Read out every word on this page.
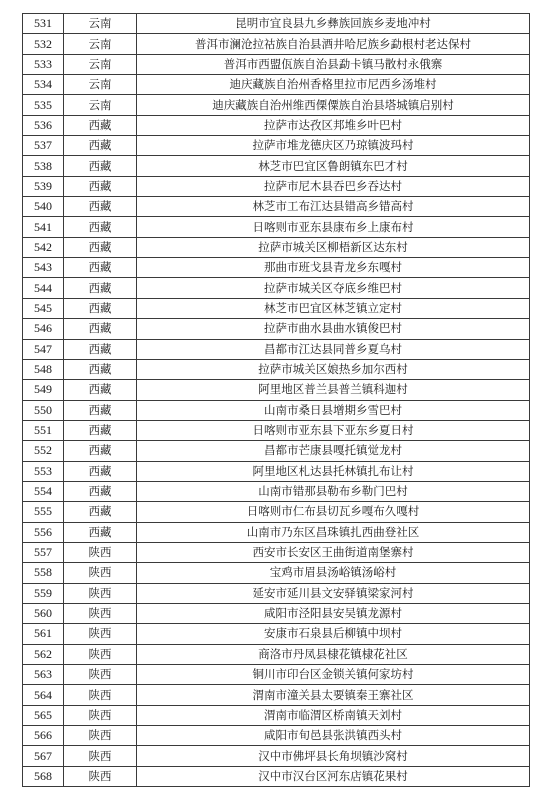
531	云南	昆明市宜良县九乡彝族回族乡麦地冲村
532	云南	普洱市澜沧拉祜族自治县酒井哈尼族乡勐根村老达保村
533	云南	普洱市西盟佤族自治县勐卡镇马散村永俄寨
534	云南	迪庆藏族自治州香格里拉市尼西乡汤堆村
535	云南	迪庆藏族自治州维西傈僳族自治县塔城镇启别村
536	西藏	拉萨市达孜区邦堆乡叶巴村
537	西藏	拉萨市堆龙德庆区乃琼镇波玛村
538	西藏	林芝市巴宜区鲁朗镇东巴才村
539	西藏	拉萨市尼木县吞巴乡吞达村
540	西藏	林芝市工布江达县错高乡错高村
541	西藏	日喀则市亚东县康布乡上康布村
542	西藏	拉萨市城关区柳梧新区达东村
543	西藏	那曲市班戈县青龙乡东嘎村
544	西藏	拉萨市城关区夺底乡维巴村
545	西藏	林芝市巴宜区林芝镇立定村
546	西藏	拉萨市曲水县曲水镇俊巴村
547	西藏	昌都市江达县同普乡夏乌村
548	西藏	拉萨市城关区娘热乡加尔西村
549	西藏	阿里地区普兰县普兰镇科迦村
550	西藏	山南市桑日县增期乡雪巴村
551	西藏	日喀则市亚东县下亚东乡夏日村
552	西藏	昌都市芒康县嘎托镇觉龙村
553	西藏	阿里地区札达县托林镇扎布让村
554	西藏	山南市错那县勒布乡勒门巴村
555	西藏	日喀则市仁布县切瓦乡嘎布久嘎村
556	西藏	山南市乃东区昌珠镇扎西曲登社区
557	陕西	西安市长安区王曲街道南堡寨村
558	陕西	宝鸡市眉县汤峪镇汤峪村
559	陕西	延安市延川县文安驿镇梁家河村
560	陕西	咸阳市泾阳县安吴镇龙源村
561	陕西	安康市石泉县后柳镇中坝村
562	陕西	商洛市丹凤县棣花镇棣花社区
563	陕西	铜川市印台区金锁关镇何家坊村
564	陕西	渭南市潼关县太要镇秦王寨社区
565	陕西	渭南市临渭区桥南镇天刘村
566	陕西	咸阳市旬邑县张洪镇西头村
567	陕西	汉中市佛坪县长角坝镇沙窝村
568	陕西	汉中市汉台区河东店镇花果村
